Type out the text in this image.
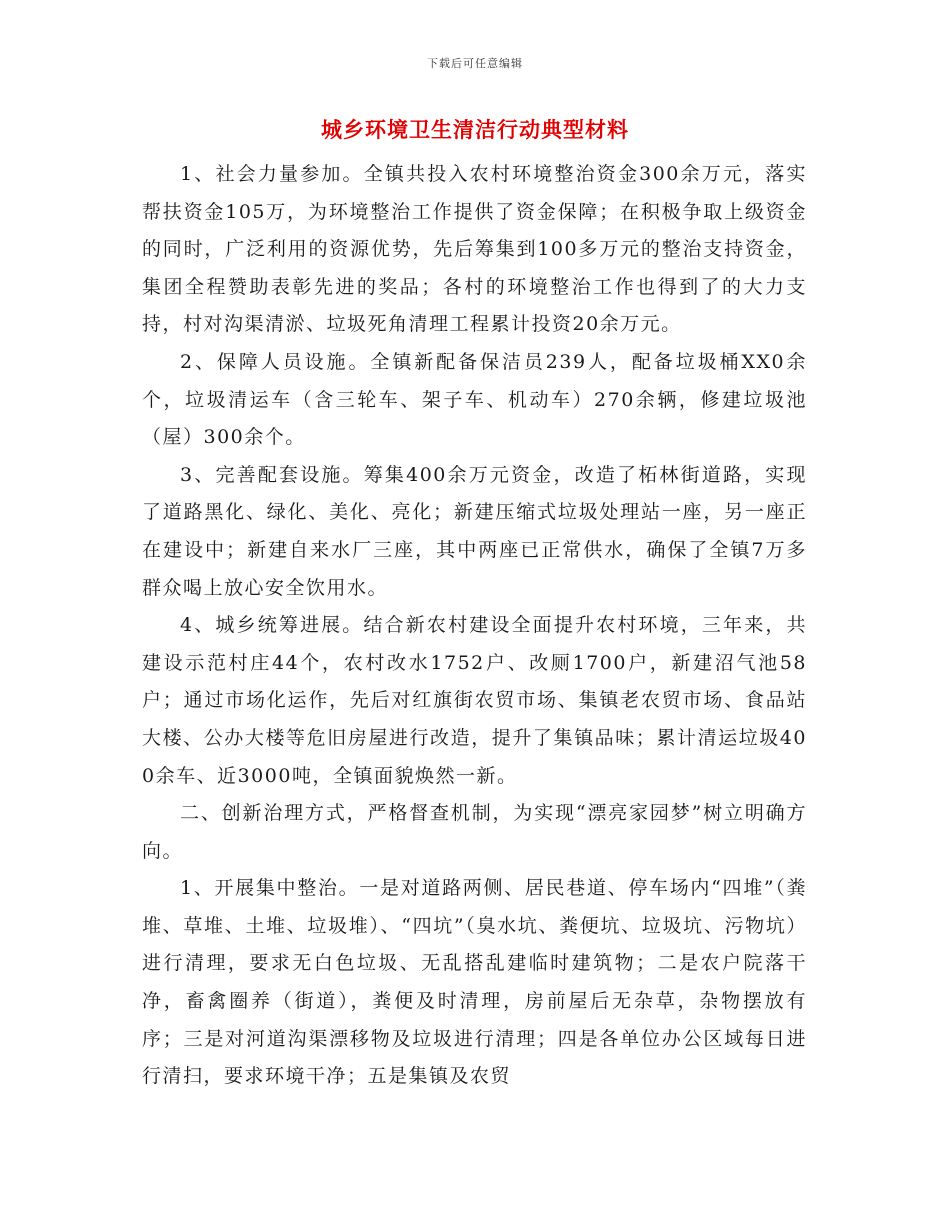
下载后可任意编辑
城乡环境卫生清洁行动典型材料

1、社会力量参加。全镇共投入农村环境整治资金300余万元，落实帮扶资金105万，为环境整治工作提供了资金保障；在积极争取上级资金的同时，广泛利用的资源优势，先后筹集到100多万元的整治支持资金，集团全程赞助表彰先进的奖品；各村的环境整治工作也得到了的大力支持，村对沟渠清淤、垃圾死角清理工程累计投资20余万元。

2、保障人员设施。全镇新配备保洁员239人，配备垃圾桶XX0余个，垃圾清运车（含三轮车、架子车、机动车）270余辆，修建垃圾池（屋）300余个。

3、完善配套设施。筹集400余万元资金，改造了柘林街道路，实现了道路黑化、绿化、美化、亮化；新建压缩式垃圾处理站一座，另一座正在建设中；新建自来水厂三座，其中两座已正常供水，确保了全镇7万多群众喝上放心安全饮用水。

4、城乡统筹进展。结合新农村建设全面提升农村环境，三年来，共建设示范村庄44个，农村改水1752户、改厕1700户，新建沼气池58户；通过市场化运作，先后对红旗街农贸市场、集镇老农贸市场、食品站大楼、公办大楼等危旧房屋进行改造，提升了集镇品味；累计清运垃圾400余车、近3000吨，全镇面貌焕然一新。

二、创新治理方式，严格督查机制，为实现“漂亮家园梦”树立明确方向。

1、开展集中整治。一是对道路两侧、居民巷道、停车场内“四堆”（粪堆、草堆、土堆、垃圾堆）、“四坑”（臭水坑、粪便坑、垃圾坑、污物坑）进行清理，要求无白色垃圾、无乱搭乱建临时建筑物；二是农户院落干净，畜禽圈养（街道），粪便及时清理，房前屋后无杂草，杂物摆放有序；三是对河道沟渠漂移物及垃圾进行清理；四是各单位办公区域每日进行清扫，要求环境干净；五是集镇及农贸
